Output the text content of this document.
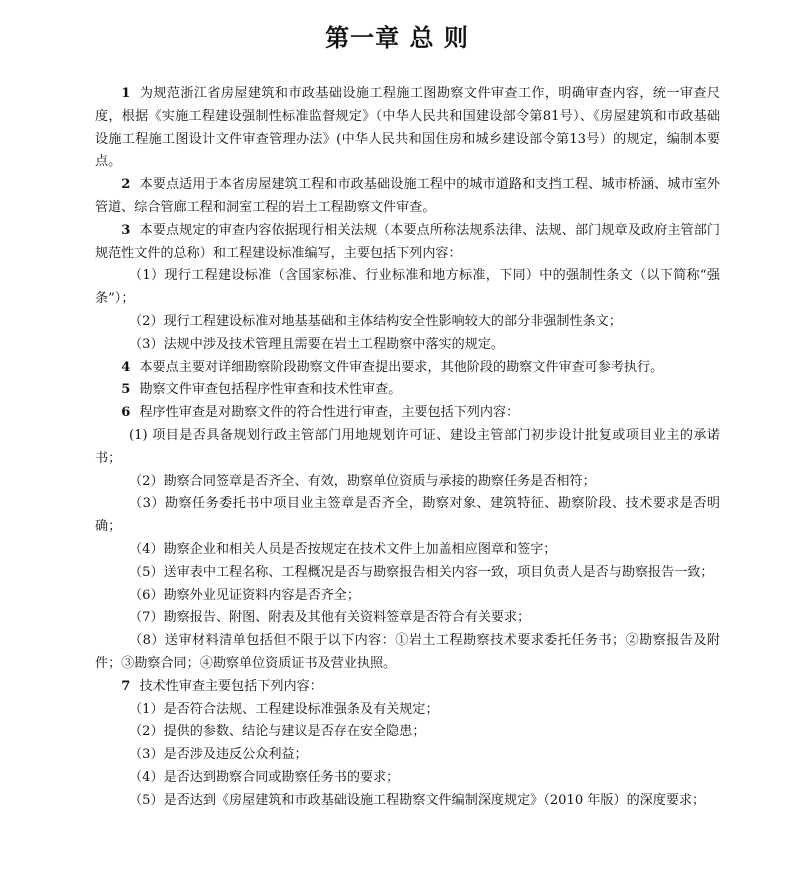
第一章 总 则

1 为规范浙江省房屋建筑和市政基础设施工程施工图勘察文件审查工作，明确审查内容，统一审查尺度，根据《实施工程建设强制性标准监督规定》（中华人民共和国建设部令第81号）、《房屋建筑和市政基础设施工程施工图设计文件审查管理办法》(中华人民共和国住房和城乡建设部令第13号）的规定，编制本要点。

2 本要点适用于本省房屋建筑工程和市政基础设施工程中的城市道路和支挡工程、城市桥涵、城市室外管道、综合管廊工程和洞室工程的岩土工程勘察文件审查。

3 本要点规定的审查内容依据现行相关法规（本要点所称法规系法律、法规、部门规章及政府主管部门规范性文件的总称）和工程建设标准编写，主要包括下列内容：

（1）现行工程建设标准（含国家标准、行业标准和地方标准，下同）中的强制性条文（以下简称“强条”）；

（2）现行工程建设标准对地基基础和主体结构安全性影响较大的部分非强制性条文；

（3）法规中涉及技术管理且需要在岩土工程勘察中落实的规定。

4 本要点主要对详细勘察阶段勘察文件审查提出要求，其他阶段的勘察文件审查可参考执行。

5 勘察文件审查包括程序性审查和技术性审查。

6 程序性审查是对勘察文件的符合性进行审查，主要包括下列内容：

(1) 项目是否具备规划行政主管部门用地规划许可证、建设主管部门初步设计批复或项目业主的承诺书；

（2）勘察合同签章是否齐全、有效，勘察单位资质与承接的勘察任务是否相符；

（3）勘察任务委托书中项目业主签章是否齐全，勘察对象、建筑特征、勘察阶段、技术要求是否明确；

（4）勘察企业和相关人员是否按规定在技术文件上加盖相应图章和签字；

（5）送审表中工程名称、工程概况是否与勘察报告相关内容一致，项目负责人是否与勘察报告一致；

（6）勘察外业见证资料内容是否齐全；

（7）勘察报告、附图、附表及其他有关资料签章是否符合有关要求；

（8）送审材料清单包括但不限于以下内容：①岩土工程勘察技术要求委托任务书；②勘察报告及附件；③勘察合同；④勘察单位资质证书及营业执照。

7 技术性审查主要包括下列内容：

（1）是否符合法规、工程建设标准强条及有关规定；

（2）提供的参数、结论与建议是否存在安全隐患；

（3）是否涉及违反公众利益；

（4）是否达到勘察合同或勘察任务书的要求；

（5）是否达到《房屋建筑和市政基础设施工程勘察文件编制深度规定》（2010 年版）的深度要求；
